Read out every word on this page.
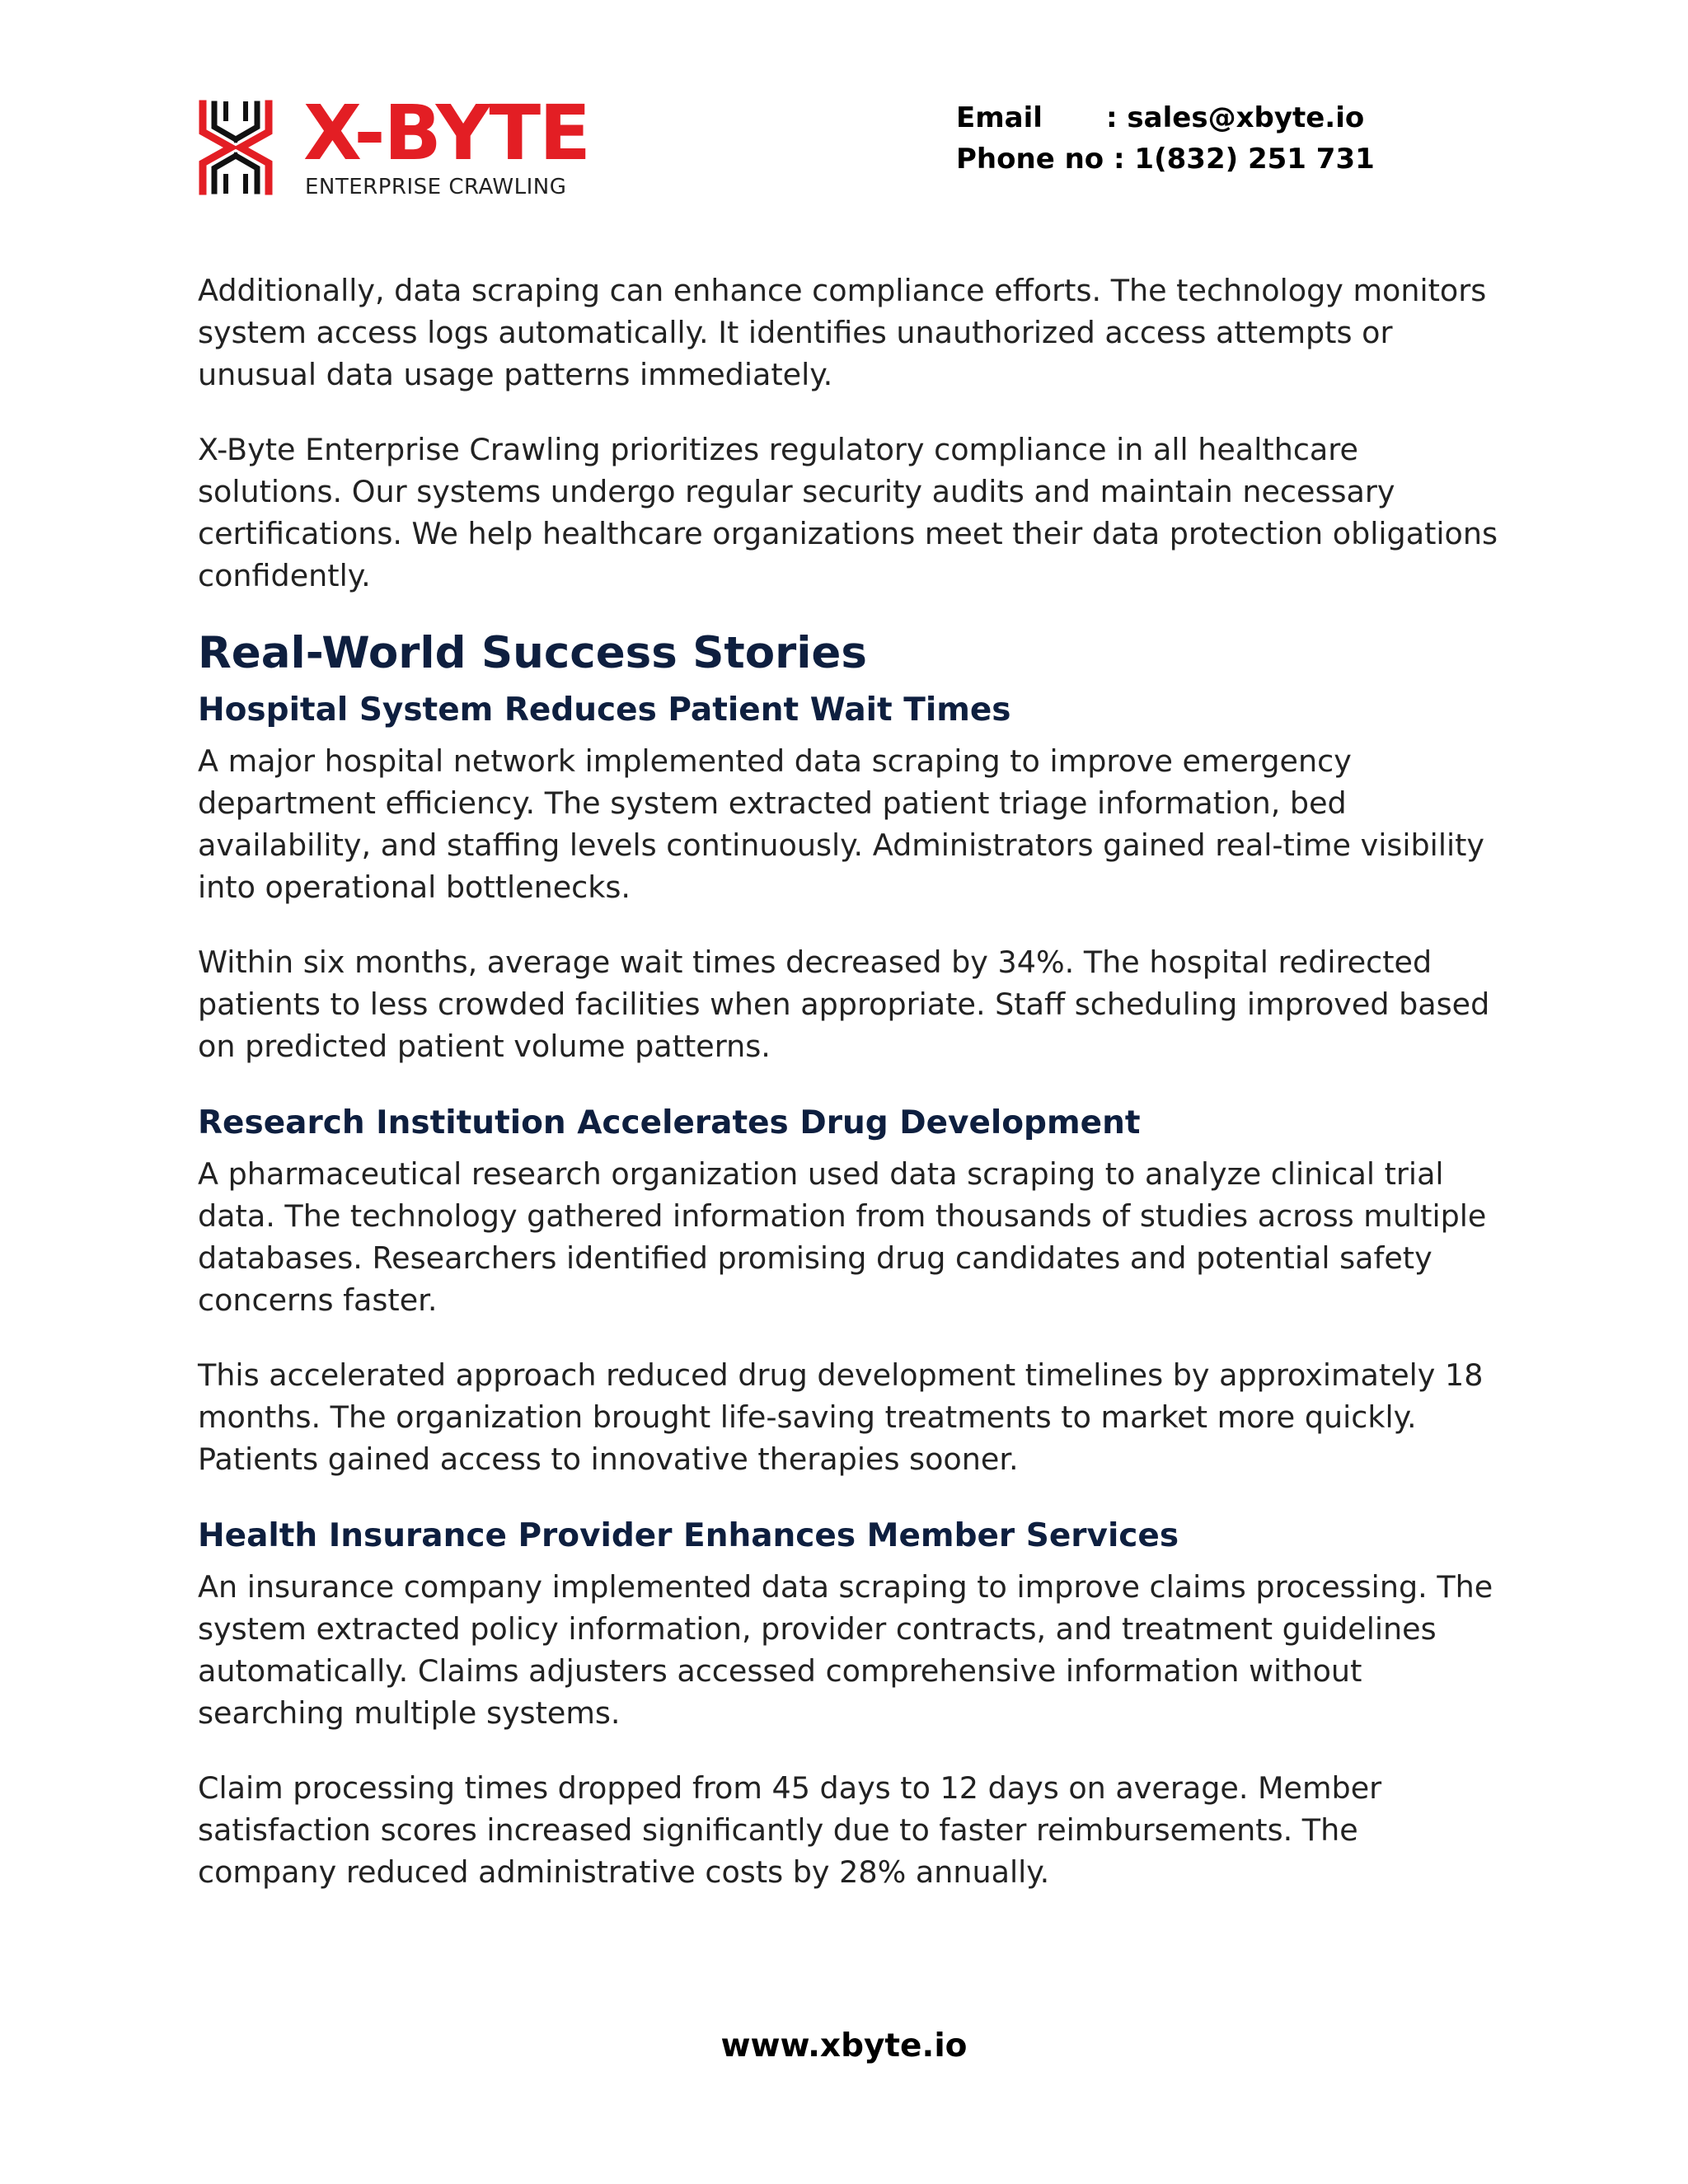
X-BYTE
ENTERPRISE CRAWLING
Email : sales@xbyte.io
Phone no : 1(832) 251 731

Additionally, data scraping can enhance compliance efforts. The technology monitors system access logs automatically. It identifies unauthorized access attempts or unusual data usage patterns immediately.

X-Byte Enterprise Crawling prioritizes regulatory compliance in all healthcare solutions. Our systems undergo regular security audits and maintain necessary certifications. We help healthcare organizations meet their data protection obligations confidently.

Real-World Success Stories
Hospital System Reduces Patient Wait Times

A major hospital network implemented data scraping to improve emergency department efficiency. The system extracted patient triage information, bed availability, and staffing levels continuously. Administrators gained real-time visibility into operational bottlenecks.

Within six months, average wait times decreased by 34%. The hospital redirected patients to less crowded facilities when appropriate. Staff scheduling improved based on predicted patient volume patterns.

Research Institution Accelerates Drug Development

A pharmaceutical research organization used data scraping to analyze clinical trial data. The technology gathered information from thousands of studies across multiple databases. Researchers identified promising drug candidates and potential safety concerns faster.

This accelerated approach reduced drug development timelines by approximately 18 months. The organization brought life-saving treatments to market more quickly. Patients gained access to innovative therapies sooner.

Health Insurance Provider Enhances Member Services

An insurance company implemented data scraping to improve claims processing. The system extracted policy information, provider contracts, and treatment guidelines automatically. Claims adjusters accessed comprehensive information without searching multiple systems.

Claim processing times dropped from 45 days to 12 days on average. Member satisfaction scores increased significantly due to faster reimbursements. The company reduced administrative costs by 28% annually.

www.xbyte.io
